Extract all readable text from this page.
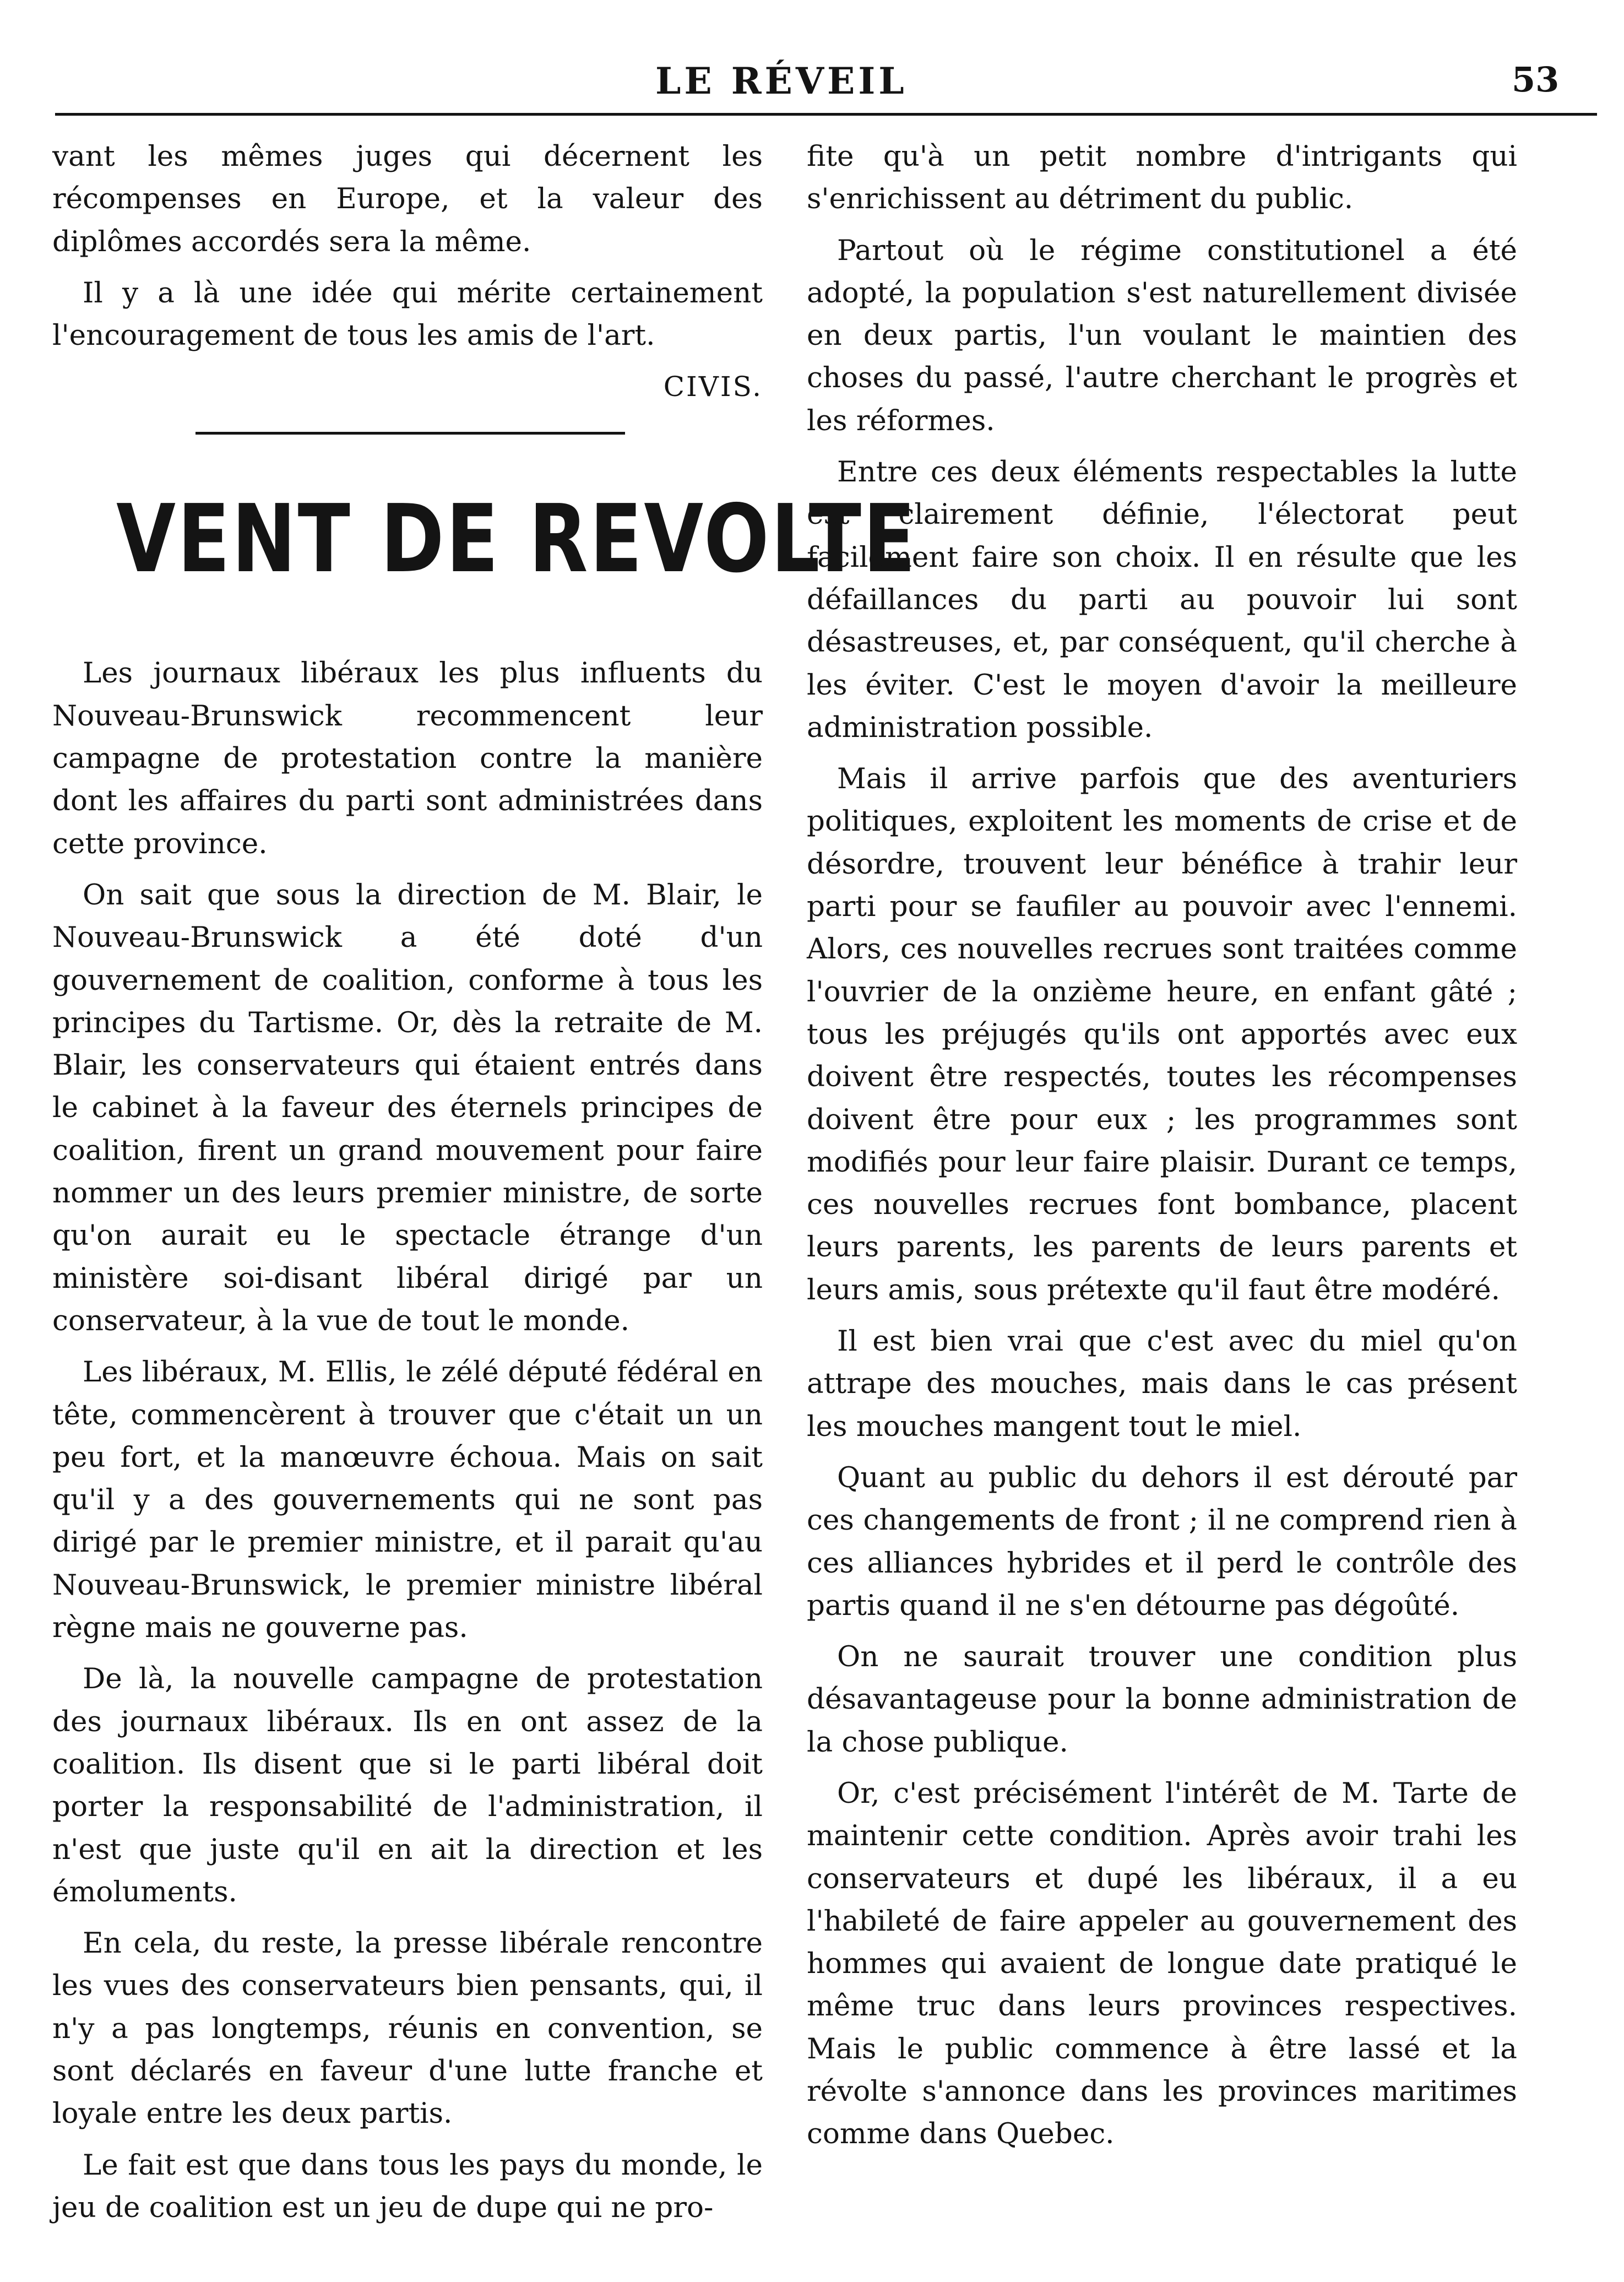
LE RÉVEIL	53

vant les mêmes juges qui décernent les récompenses en Europe, et la valeur des diplômes accordés sera la même.

Il y a là une idée qui mérite certainement l'encouragement de tous les amis de l'art.

CIVIS.
VENT DE REVOLTE

Les journaux libéraux les plus influents du Nouveau-Brunswick recommencent leur campagne de protestation contre la manière dont les affaires du parti sont administrées dans cette province.

On sait que sous la direction de M. Blair, le Nouveau-Brunswick a été doté d'un gouvernement de coalition, conforme à tous les principes du Tartisme. Or, dès la retraite de M. Blair, les conservateurs qui étaient entrés dans le cabinet à la faveur des éternels principes de coalition, firent un grand mouvement pour faire nommer un des leurs premier ministre, de sorte qu'on aurait eu le spectacle étrange d'un ministère soi-disant libéral dirigé par un conservateur, à la vue de tout le monde.

Les libéraux, M. Ellis, le zélé député fédéral en tête, commencèrent à trouver que c'était un un peu fort, et la manœuvre échoua. Mais on sait qu'il y a des gouvernements qui ne sont pas dirigé par le premier ministre, et il parait qu'au Nouveau-Brunswick, le premier ministre libéral règne mais ne gouverne pas.

De là, la nouvelle campagne de protestation des journaux libéraux. Ils en ont assez de la coalition. Ils disent que si le parti libéral doit porter la responsabilité de l'administration, il n'est que juste qu'il en ait la direction et les émoluments.

En cela, du reste, la presse libérale rencontre les vues des conservateurs bien pensants, qui, il n'y a pas longtemps, réunis en convention, se sont déclarés en faveur d'une lutte franche et loyale entre les deux partis.

Le fait est que dans tous les pays du monde, le jeu de coalition est un jeu de dupe qui ne pro-

fite qu'à un petit nombre d'intrigants qui s'enrichissent au détriment du public.

Partout où le régime constitutionel a été adopté, la population s'est naturellement divisée en deux partis, l'un voulant le maintien des choses du passé, l'autre cherchant le progrès et les réformes.

Entre ces deux éléments respectables la lutte est clairement définie, l'électorat peut facilement faire son choix. Il en résulte que les défaillances du parti au pouvoir lui sont désastreuses, et, par conséquent, qu'il cherche à les éviter. C'est le moyen d'avoir la meilleure administration possible.

Mais il arrive parfois que des aventuriers politiques, exploitent les moments de crise et de désordre, trouvent leur bénéfice à trahir leur parti pour se faufiler au pouvoir avec l'ennemi. Alors, ces nouvelles recrues sont traitées comme l'ouvrier de la onzième heure, en enfant gâté ; tous les préjugés qu'ils ont apportés avec eux doivent être respectés, toutes les récompenses doivent être pour eux ; les programmes sont modifiés pour leur faire plaisir. Durant ce temps, ces nouvelles recrues font bombance, placent leurs parents, les parents de leurs parents et leurs amis, sous prétexte qu'il faut être modéré.

Il est bien vrai que c'est avec du miel qu'on attrape des mouches, mais dans le cas présent les mouches mangent tout le miel.

Quant au public du dehors il est dérouté par ces changements de front ; il ne comprend rien à ces alliances hybrides et il perd le contrôle des partis quand il ne s'en détourne pas dégoûté.

On ne saurait trouver une condition plus désavantageuse pour la bonne administration de la chose publique.

Or, c'est précisément l'intérêt de M. Tarte de maintenir cette condition. Après avoir trahi les conservateurs et dupé les libéraux, il a eu l'habileté de faire appeler au gouvernement des hommes qui avaient de longue date pratiqué le même truc dans leurs provinces respectives. Mais le public commence à être lassé et la révolte s'annonce dans les provinces maritimes comme dans Quebec.
